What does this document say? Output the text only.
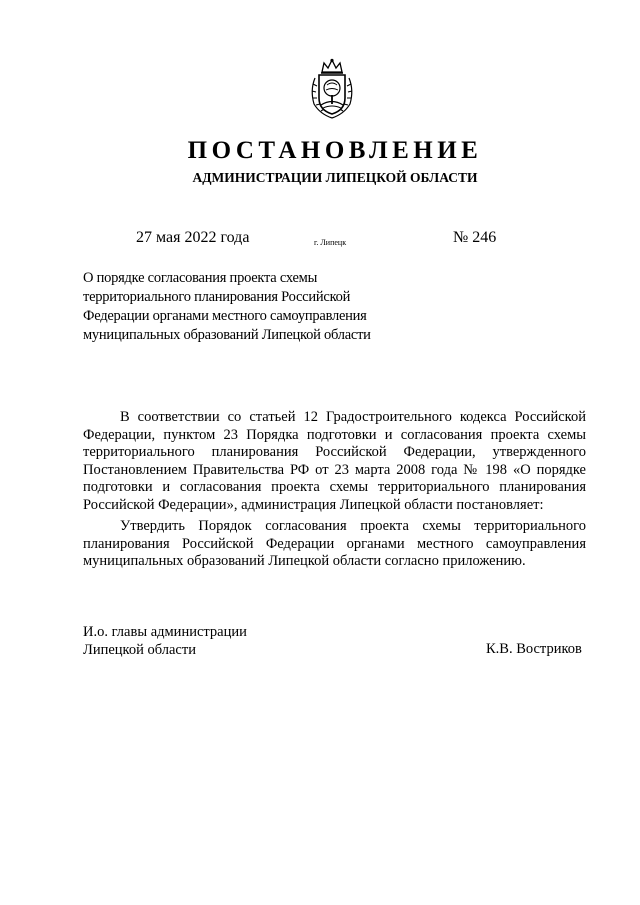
ПОСТАНОВЛЕНИЕ
АДМИНИСТРАЦИИ ЛИПЕЦКОЙ ОБЛАСТИ
27 мая 2022 года	г. Липецк	№ 246
О порядке согласования проекта схемы
территориального планирования Российской
Федерации органами местного самоуправления
муниципальных образований Липецкой области

В соответствии со статьей 12 Градостроительного кодекса Российской Федерации, пунктом 23 Порядка подготовки и согласования проекта схемы территориального планирования Российской Федерации, утвержденного Постановлением Правительства РФ от 23 марта 2008 года № 198 «О порядке подготовки и согласования проекта схемы территориального планирования Российской Федерации», администрация Липецкой области постановляет:

Утвердить Порядок согласования проекта схемы территориального планирования Российской Федерации органами местного самоуправления муниципальных образований Липецкой области согласно приложению.

И.о. главы администрации
Липецкой области	К.В. Востриков
